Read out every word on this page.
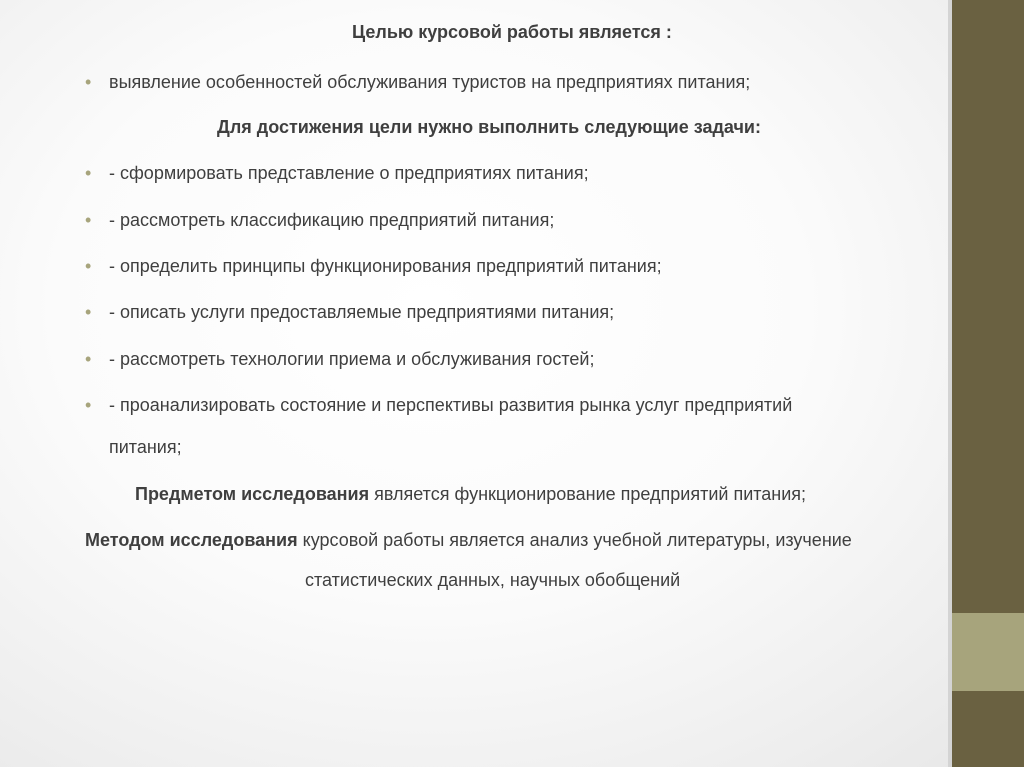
Целью курсовой работы является :
• выявление особенностей обслуживания туристов на предприятиях питания;
Для достижения цели нужно выполнить следующие задачи:
• - сформировать представление о предприятиях питания;
• - рассмотреть классификацию предприятий питания;
• - определить принципы функционирования предприятий питания;
• - описать услуги предоставляемые предприятиями питания;
• - рассмотреть технологии приема и обслуживания гостей;
• - проанализировать состояние и перспективы развития рынка услуг предприятий
питания;
Предметом исследования является функционирование предприятий питания;
Методом исследования курсовой работы является анализ учебной литературы, изучение
статистических данных, научных обобщений
